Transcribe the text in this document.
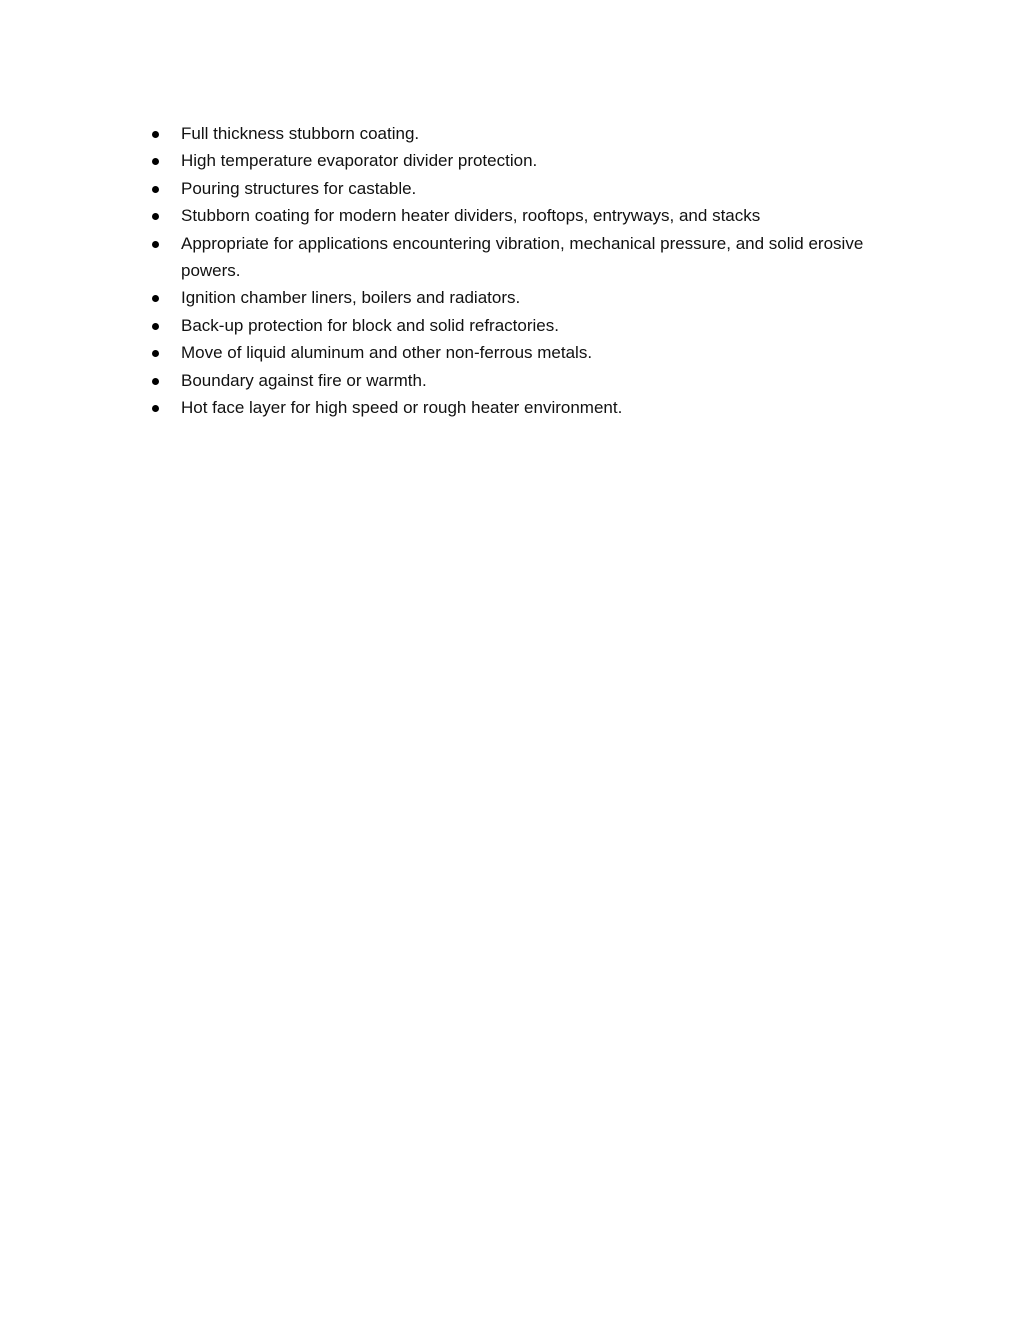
Full thickness stubborn coating.
High temperature evaporator divider protection.
Pouring structures for castable.
Stubborn coating for modern heater dividers, rooftops, entryways, and stacks
Appropriate for applications encountering vibration, mechanical pressure, and solid erosive powers.
Ignition chamber liners, boilers and radiators.
Back-up protection for block and solid refractories.
Move of liquid aluminum and other non-ferrous metals.
Boundary against fire or warmth.
Hot face layer for high speed or rough heater environment.
